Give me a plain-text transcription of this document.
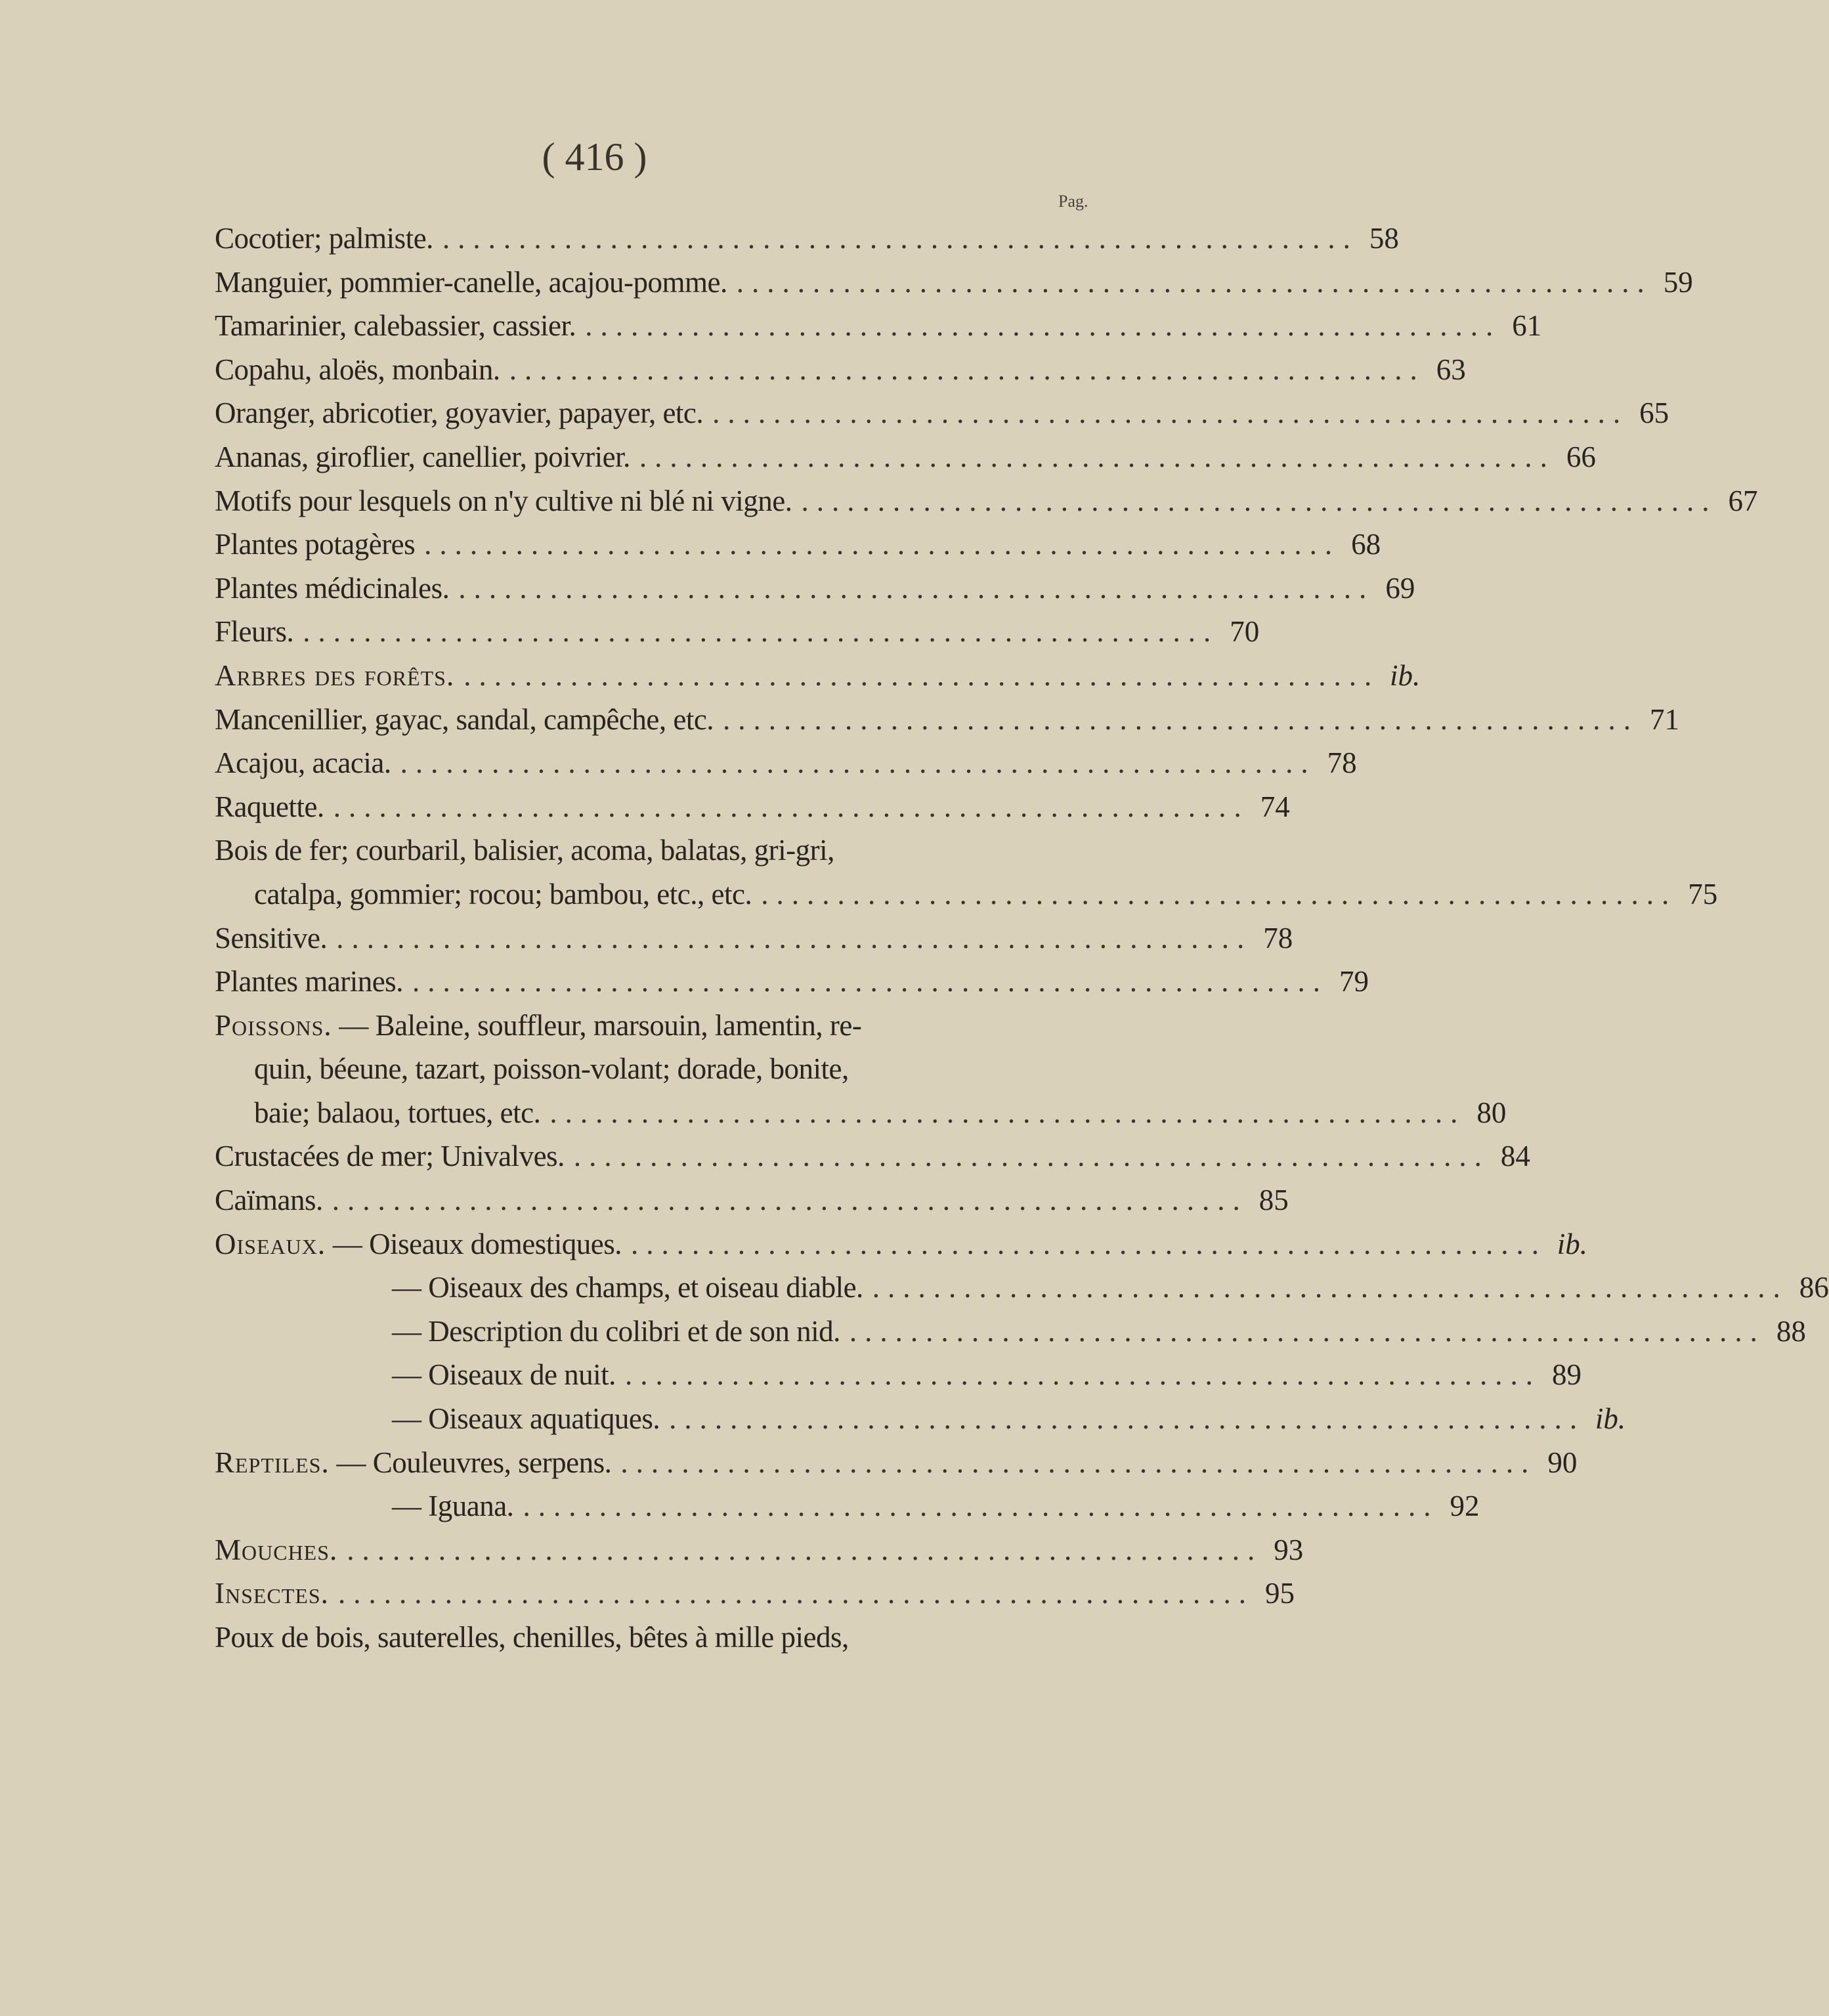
( 416 )
Pag.
Cocotier; palmiste. ............................................................ 58
Manguier, pommier-canelle, acajou-pomme. ............................................................ 59
Tamarinier, calebassier, cassier. ............................................................ 61
Copahu, aloës, monbain. ............................................................ 63
Oranger, abricotier, goyavier, papayer, etc. ............................................................ 65
Ananas, giroflier, canellier, poivrier. ............................................................ 66
Motifs pour lesquels on n'y cultive ni blé ni vigne. ............................................................ 67
Plantes potagères ............................................................ 68
Plantes médicinales. ............................................................ 69
Fleurs. ............................................................ 70
Arbres des forêts. ............................................................ ib.
Mancenillier, gayac, sandal, campêche, etc. ............................................................ 71
Acajou, acacia. ............................................................ 78
Raquette. ............................................................ 74
Bois de fer; courbaril, balisier, acoma, balatas, gri-gri,
catalpa, gommier; rocou; bambou, etc., etc. ............................................................ 75
Sensitive. ............................................................ 78
Plantes marines. ............................................................ 79
Poissons. — Baleine, souffleur, marsouin, lamentin, re-
quin, béeune, tazart, poisson-volant; dorade, bonite,
baie; balaou, tortues, etc. ............................................................ 80
Crustacées de mer; Univalves. ............................................................ 84
Caïmans. ............................................................ 85
Oiseaux. — Oiseaux domestiques. ............................................................ ib.
— Oiseaux des champs, et oiseau diable. ............................................................ 86
— Description du colibri et de son nid. ............................................................ 88
— Oiseaux de nuit. ............................................................ 89
— Oiseaux aquatiques. ............................................................ ib.
Reptiles. — Couleuvres, serpens. ............................................................ 90
— Iguana. ............................................................ 92
Mouches. ............................................................ 93
Insectes. ............................................................ 95
Poux de bois, sauterelles, chenilles, bêtes à mille pieds,
